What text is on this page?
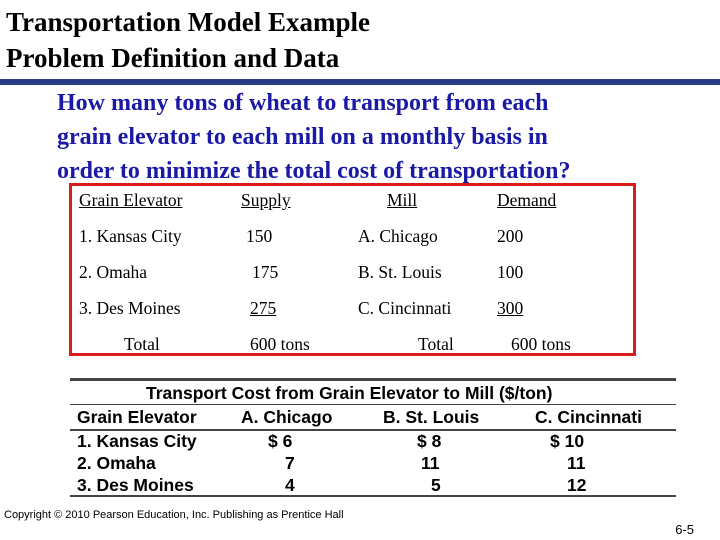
Transportation Model Example
Problem Definition and Data
How many tons of wheat to transport from each
grain elevator to each mill on a monthly basis in
order to minimize the total cost of transportation?
Grain Elevator	Supply	Mill	Demand
1. Kansas City	150	A. Chicago	200
2. Omaha	175	B. St. Louis	100
3. Des Moines	275	C. Cincinnati	300
Total	600 tons	Total	600 tons
Transport Cost from Grain Elevator to Mill ($/ton)
Grain Elevator	A. Chicago	B. St. Louis	C. Cincinnati
1. Kansas City	$ 6	$ 8	$ 10
2. Omaha	7	11	11
3. Des Moines	4	5	12
Copyright © 2010 Pearson Education, Inc. Publishing as Prentice Hall
6-5
